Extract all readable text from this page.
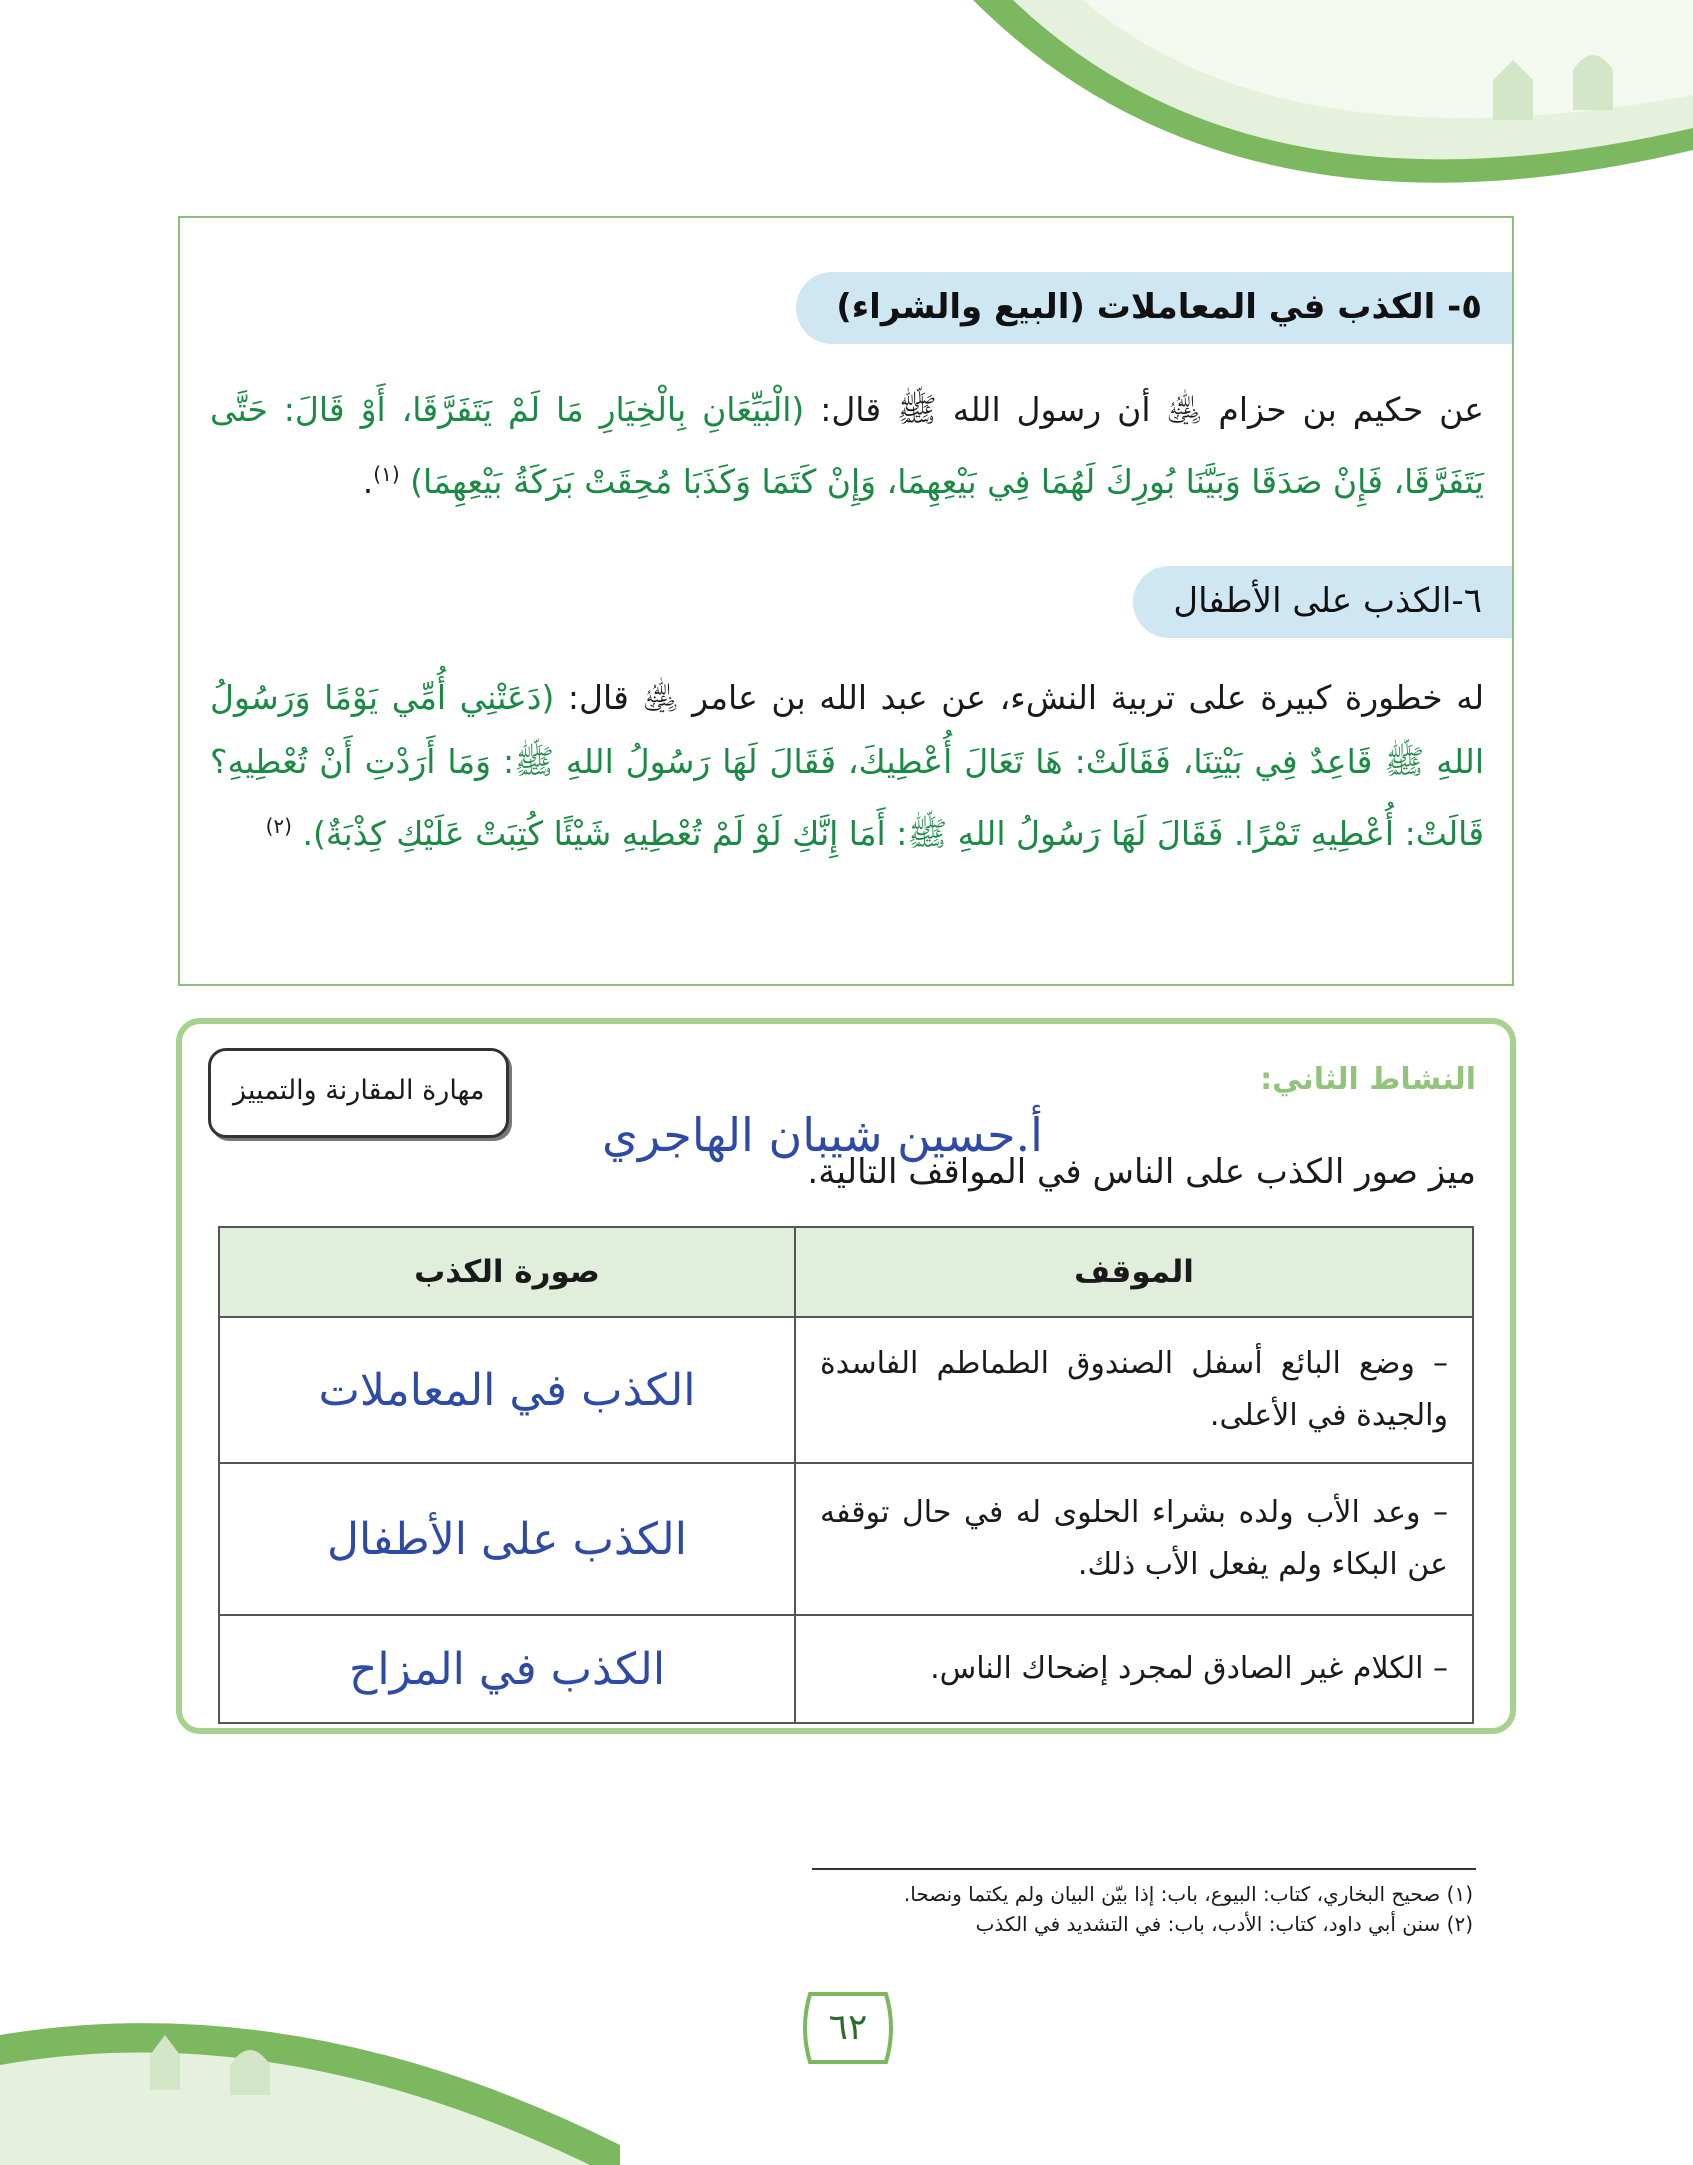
٥- الكذب في المعاملات (البيع والشراء)
عن حكيم بن حزام ﵁ أن رسول الله ﷺ قال: (الْبَيِّعَانِ بِالْخِيَارِ مَا لَمْ يَتَفَرَّقَا، أَوْ قَالَ: حَتَّى يَتَفَرَّقَا، فَإِنْ صَدَقَا وَبَيَّنَا بُورِكَ لَهُمَا فِي بَيْعِهِمَا، وَإِنْ كَتَمَا وَكَذَبَا مُحِقَتْ بَرَكَةُ بَيْعِهِمَا) $^{(١)}$.
٦-الكذب على الأطفال
له خطورة كبيرة على تربية النشء، عن عبد الله بن عامر ﵁ قال: (دَعَتْنِي أُمِّي يَوْمًا وَرَسُولُ اللهِ ﷺ قَاعِدٌ فِي بَيْتِنَا، فَقَالَتْ: هَا تَعَالَ أُعْطِيكَ، فَقَالَ لَهَا رَسُولُ اللهِ ﷺ: وَمَا أَرَدْتِ أَنْ تُعْطِيهِ؟ قَالَتْ: أُعْطِيهِ تَمْرًا. فَقَالَ لَهَا رَسُولُ اللهِ ﷺ: أَمَا إِنَّكِ لَوْ لَمْ تُعْطِيهِ شَيْئًا كُتِبَتْ عَلَيْكِ كِذْبَةٌ). $^{(٢)}$
النشاط الثاني:
مهارة المقارنة والتمييز
أ.حسين شيبان الهاجري
ميز صور الكذب على الناس في المواقف التالية.
الموقف	صورة الكذب
– وضع البائع أسفل الصندوق الطماطم الفاسدة والجيدة في الأعلى.	الكذب في المعاملات
– وعد الأب ولده بشراء الحلوى له في حال توقفه عن البكاء ولم يفعل الأب ذلك.	الكذب على الأطفال
– الكلام غير الصادق لمجرد إضحاك الناس.	الكذب في المزاح
(١) صحيح البخاري، كتاب: البيوع، باب: إذا بيّن البيان ولم يكتما ونصحا.
(٢) سنن أبي داود، كتاب: الأدب، باب: في التشديد في الكذب
٦٢
